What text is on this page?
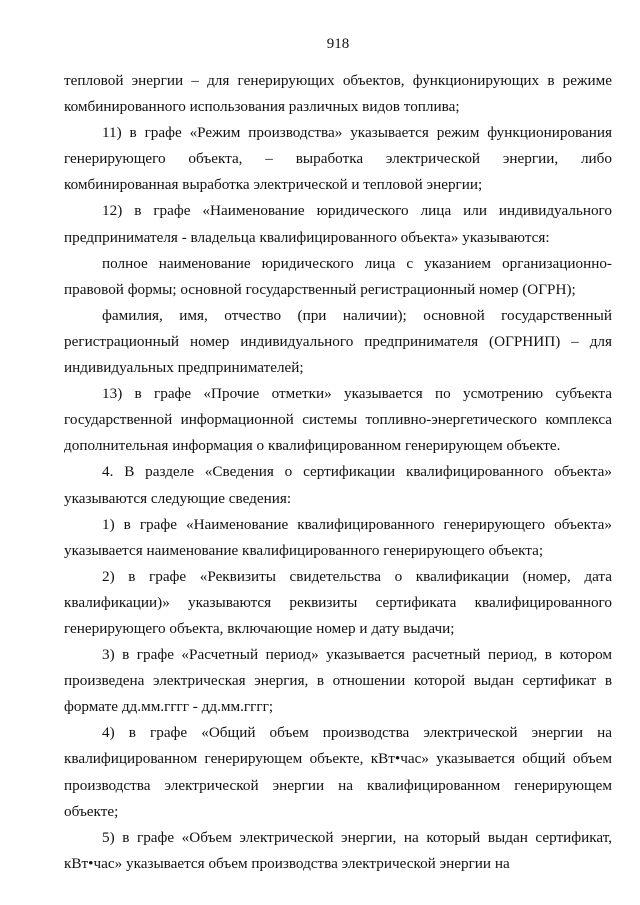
918

тепловой энергии – для генерирующих объектов, функционирующих в режиме комбинированного использования различных видов топлива;

11) в графе «Режим производства» указывается режим функционирования генерирующего объекта, – выработка электрической энергии, либо комбинированная выработка электрической и тепловой энергии;

12) в графе «Наименование юридического лица или индивидуального предпринимателя - владельца квалифицированного объекта» указываются:

полное наименование юридического лица с указанием организационно-правовой формы; основной государственный регистрационный номер (ОГРН);

фамилия, имя, отчество (при наличии); основной государственный регистрационный номер индивидуального предпринимателя (ОГРНИП) – для индивидуальных предпринимателей;

13) в графе «Прочие отметки» указывается по усмотрению субъекта государственной информационной системы топливно-энергетического комплекса дополнительная информация о квалифицированном генерирующем объекте.

4. В разделе «Сведения о сертификации квалифицированного объекта» указываются следующие сведения:

1) в графе «Наименование квалифицированного генерирующего объекта» указывается наименование квалифицированного генерирующего объекта;

2) в графе «Реквизиты свидетельства о квалификации (номер, дата квалификации)» указываются реквизиты сертификата квалифицированного генерирующего объекта, включающие номер и дату выдачи;

3) в графе «Расчетный период» указывается расчетный период, в котором произведена электрическая энергия, в отношении которой выдан сертификат в формате дд.мм.гггг - дд.мм.гггг;

4) в графе «Общий объем производства электрической энергии на квалифицированном генерирующем объекте, кВт•час» указывается общий объем производства электрической энергии на квалифицированном генерирующем объекте;

5) в графе «Объем электрической энергии, на который выдан сертификат, кВт•час» указывается объем производства электрической энергии на
